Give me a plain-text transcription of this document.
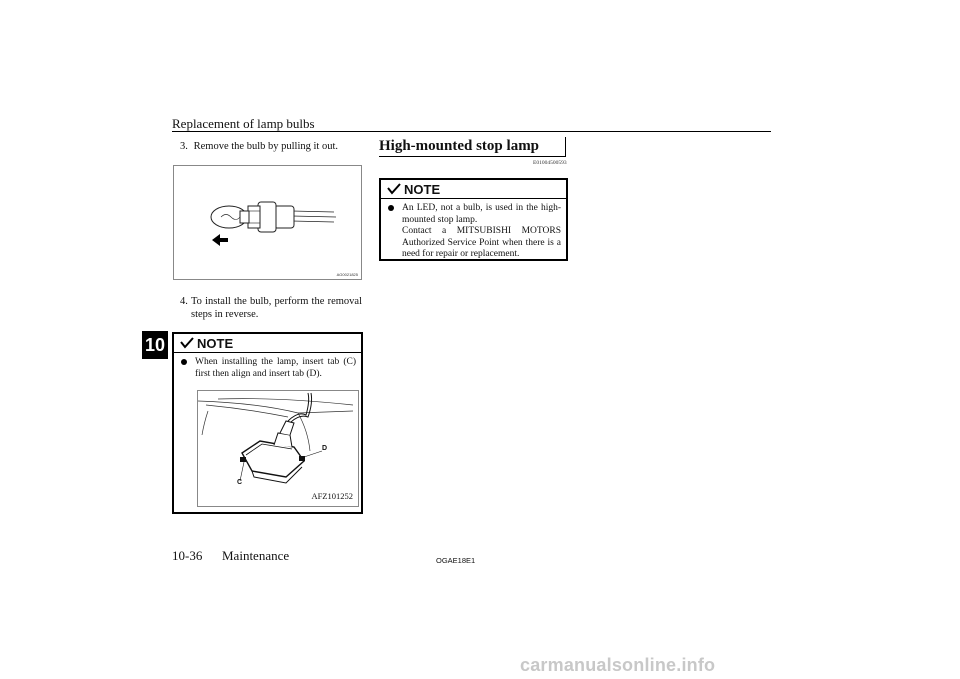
Replacement of lamp bulbs
10
3. Remove the bulb by pulling it out.
AG0021825
4. To install the bulb, perform the removal steps in reverse.
NOTE
When installing the lamp, insert tab (C) first then align and insert tab (D).
C
D
AFZ101252
High-mounted stop lamp
E01004500593
NOTE
An LED, not a bulb, is used in the high-mounted stop lamp.
Contact a MITSUBISHI MOTORS Authorized Service Point when there is a need for repair or replacement.
10-36 Maintenance	OGAE18E1
carmanualsonline.info
